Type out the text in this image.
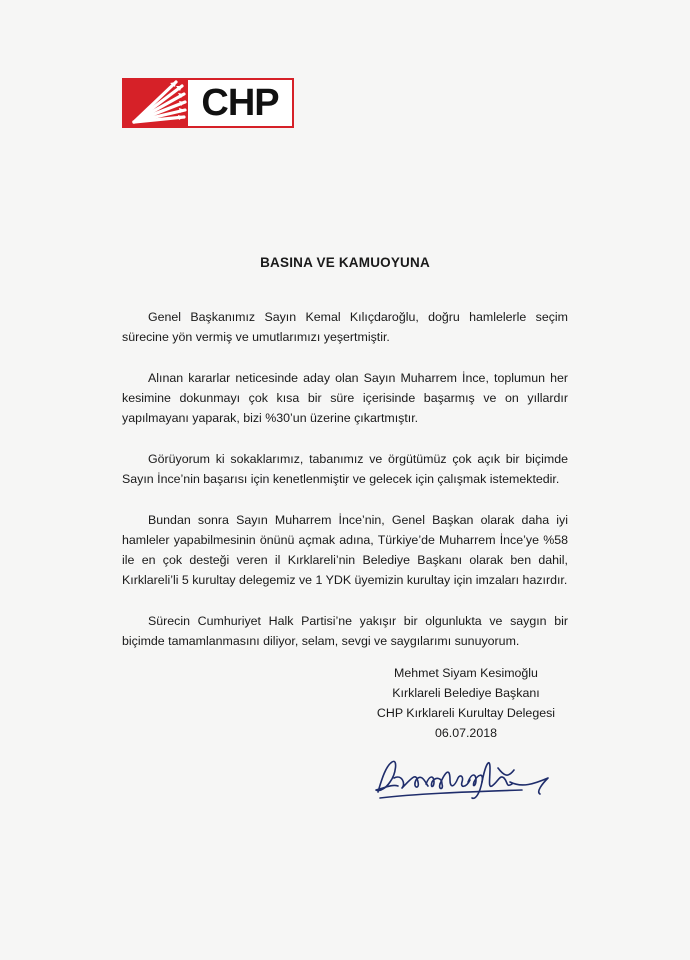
CHP
BASINA VE KAMUOYUNA

Genel Başkanımız Sayın Kemal Kılıçdaroğlu, doğru hamlelerle seçim sürecine yön vermiş ve umutlarımızı yeşertmiştir.

Alınan kararlar neticesinde aday olan Sayın Muharrem İnce, toplumun her kesimine dokunmayı çok kısa bir süre içerisinde başarmış ve on yıllardır yapılmayanı yaparak, bizi %30’un üzerine çıkartmıştır.

Görüyorum ki sokaklarımız, tabanımız ve örgütümüz çok açık bir biçimde Sayın İnce’nin başarısı için kenetlenmiştir ve gelecek için çalışmak istemektedir.

Bundan sonra Sayın Muharrem İnce’nin, Genel Başkan olarak daha iyi hamleler yapabilmesinin önünü açmak adına, Türkiye’de Muharrem İnce’ye %58 ile en çok desteği veren il Kırklareli’nin Belediye Başkanı olarak ben dahil, Kırklareli’li 5 kurultay delegemiz ve 1 YDK üyemizin kurultay için imzaları hazırdır.

Sürecin Cumhuriyet Halk Partisi’ne yakışır bir olgunlukta ve saygın bir biçimde tamamlanmasını diliyor, selam, sevgi ve saygılarımı sunuyorum.

Mehmet Siyam Kesimoğlu
Kırklareli Belediye Başkanı
CHP Kırklareli Kurultay Delegesi
06.07.2018
